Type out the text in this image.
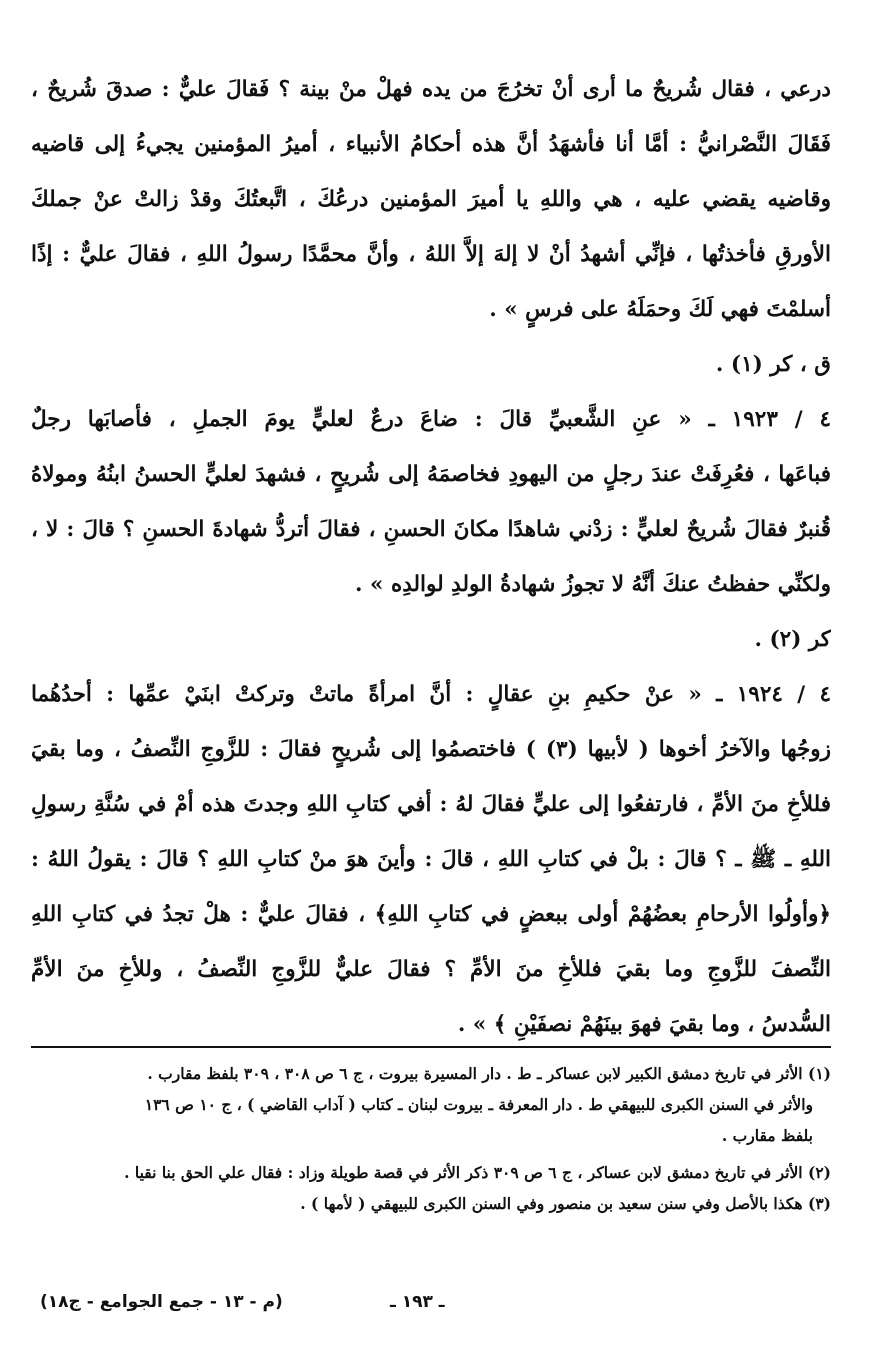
درعي ، فقال شُريحٌ ما أرى أنْ تخرُجَ من يده فهلْ منْ بينة ؟ فَقالَ عليٌّ : صدقَ شُريحٌ ،
فَقَالَ النَّصْرانيُّ : أمَّا أنا فأشهَدُ أنَّ هذه أحكامُ الأنبياء ، أميرُ المؤمنين يجيءُ إلى قاضيه
وقاضيه يقضي عليه ، هي واللهِ يا أميرَ المؤمنين درعُكَ ، اتَّبعتُكَ وقدْ زالتْ عنْ جملكَ
الأورقِ فأخذتُها ، فإنِّي أشهدُ أنْ لا إلهَ إلاَّ اللهُ ، وأنَّ محمَّدًا رسولُ اللهِ ، فقالَ عليٌّ : إذًا
أسلمْتَ فهي لَكَ وحمَلَهُ على فرسٍ » .
ق ، كر (١) .
٤ / ١٩٢٣ ـ « عنِ الشَّعبيِّ قالَ : ضاعَ درعٌ لعليٍّ يومَ الجملِ ، فأصابَها رجلٌ
فباعَها ، فعُرِفَتْ عندَ رجلٍ من اليهودِ فخاصمَهُ إلى شُريحٍ ، فشهدَ لعليٍّ الحسنُ ابنُهُ ومولاهُ
قُنبرٌ فقالَ شُريحٌ لعليٍّ : زدْني شاهدًا مكانَ الحسنِ ، فقالَ أتردُّ شهادةَ الحسنِ ؟ قالَ : لا ،
ولكنِّي حفظتُ عنكَ أنَّهُ لا تجوزُ شهادةُ الولدِ لوالدِه » .
كر (٢) .
٤ / ١٩٢٤ ـ « عنْ حكيمِ بنِ عقالٍ : أنَّ امرأةً ماتتْ وتركتْ ابنَيْ عمِّها : أحدُهُما
زوجُها والآخرُ أخوها ( لأبيها (٣) ) فاختصمُوا إلى شُريحٍ فقالَ : للزَّوجِ النِّصفُ ، وما بقيَ
فللأخِ منَ الأمِّ ، فارتفعُوا إلى عليٍّ فقالَ لهُ : أفي كتابِ اللهِ وجدتَ هذه أمْ في سُنَّةِ رسولِ
اللهِ ـ ﷺ ـ ؟ قالَ : بلْ في كتابِ اللهِ ، قالَ : وأينَ هوَ منْ كتابِ اللهِ ؟ قالَ : يقولُ اللهُ :
﴿وأولُوا الأرحامِ بعضُهُمْ أولى ببعضٍ في كتابِ اللهِ﴾ ، فقالَ عليٌّ : هلْ تجدُ في كتابِ اللهِ
النِّصفَ للزَّوجِ وما بقيَ فللأخِ منَ الأمِّ ؟ فقالَ عليٌّ للزَّوجِ النِّصفُ ، وللأخِ منَ الأمِّ
السُّدسُ ، وما بقيَ فهوَ بينَهُمْ نصفَيْنِ ﴾ » .
(١) الأثر في تاريخ دمشق الكبير لابن عساكر ـ ط . دار المسيرة بيروت ، ج ٦ ص ٣٠٨ ، ٣٠٩ بلفظ مقارب .
والأثر في السنن الكبرى للبيهقي ط . دار المعرفة ـ بيروت لبنان ـ كتاب ( آداب القاضي ) ، ج ١٠ ص ١٣٦
بلفظ مقارب .
(٢) الأثر في تاريخ دمشق لابن عساكر ، ج ٦ ص ٣٠٩ ذكر الأثر في قصة طويلة وزاد : فقال علي الحق بنا نقيا .
(٣) هكذا بالأصل وفي سنن سعيد بن منصور وفي السنن الكبرى للبيهقي ( لأمها ) .
ـ ١٩٣ ـ
(م - ١٣ - جمع الجوامع - ج١٨)
